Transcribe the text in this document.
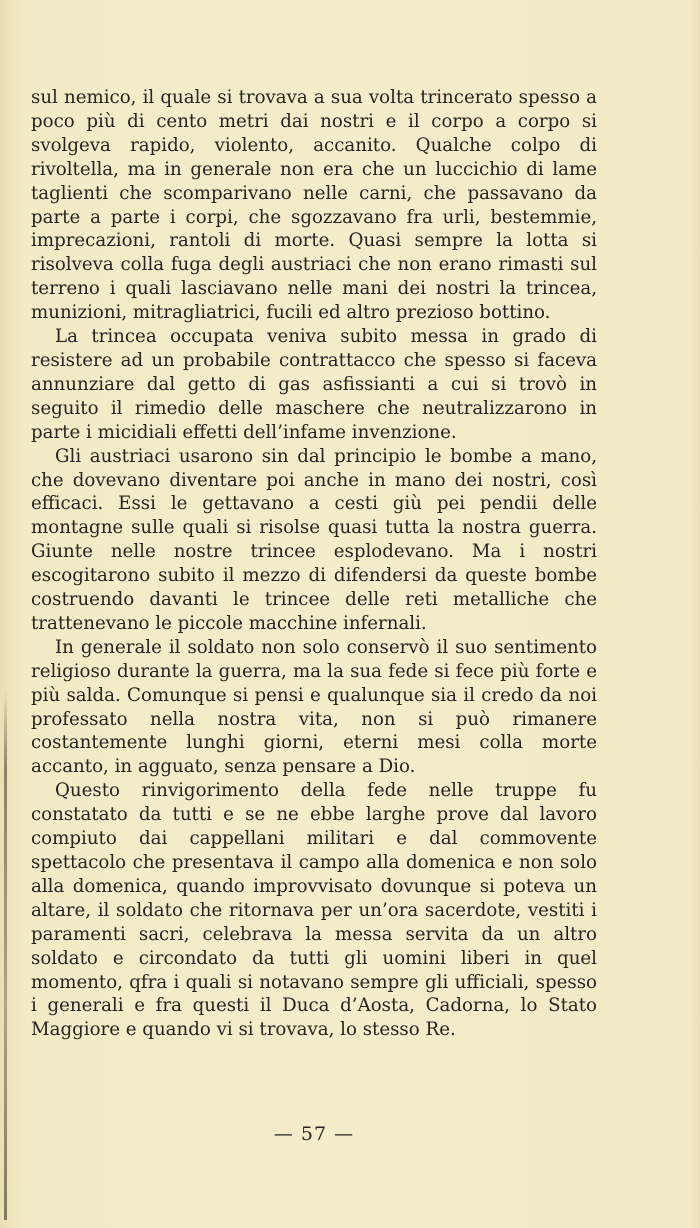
sul nemico, il quale si trovava a sua volta trincerato spesso a poco più di cento metri dai nostri e il corpo a corpo si svolgeva rapido, violento, accanito. Qualche colpo di rivoltella, ma in generale non era che un luccichio di lame taglienti che scomparivano nelle carni, che passavano da parte a parte i corpi, che sgozzavano fra urli, bestemmie, imprecazioni, rantoli di morte. Quasi sempre la lotta si risolveva colla fuga degli austriaci che non erano rimasti sul terreno i quali lasciavano nelle mani dei nostri la trincea, munizioni, mitragliatrici, fucili ed altro prezioso bottino.

La trincea occupata veniva subito messa in grado di resistere ad un probabile contrattacco che spesso si faceva annunziare dal getto di gas asfissianti a cui si trovò in seguito il rimedio delle maschere che neutralizzarono in parte i micidiali effetti dell’infame invenzione.

Gli austriaci usarono sin dal principio le bombe a mano, che dovevano diventare poi anche in mano dei nostri, così efficaci. Essi le gettavano a cesti giù pei pendii delle montagne sulle quali si risolse quasi tutta la nostra guerra. Giunte nelle nostre trincee esplodevano. Ma i nostri escogitarono subito il mezzo di difendersi da queste bombe costruendo davanti le trincee delle reti metalliche che trattenevano le piccole macchine infernali.

In generale il soldato non solo conservò il suo sentimento religioso durante la guerra, ma la sua fede si fece più forte e più salda. Comunque si pensi e qualunque sia il credo da noi professato nella nostra vita, non si può rimanere costantemente lunghi giorni, eterni mesi colla morte accanto, in agguato, senza pensare a Dio.

Questo rinvigorimento della fede nelle truppe fu constatato da tutti e se ne ebbe larghe prove dal lavoro compiuto dai cappellani militari e dal commovente spettacolo che presentava il campo alla domenica e non solo alla domenica, quando improvvisato dovunque si poteva un altare, il soldato che ritornava per un’ora sacerdote, vestiti i paramenti sacri, celebrava la messa servita da un altro soldato e circondato da tutti gli uomini liberi in quel momento, qfra i quali si notavano sempre gli ufficiali, spesso i generali e fra questi il Duca d’Aosta, Cadorna, lo Stato Maggiore e quando vi si trovava, lo stesso Re.

— 57 —
